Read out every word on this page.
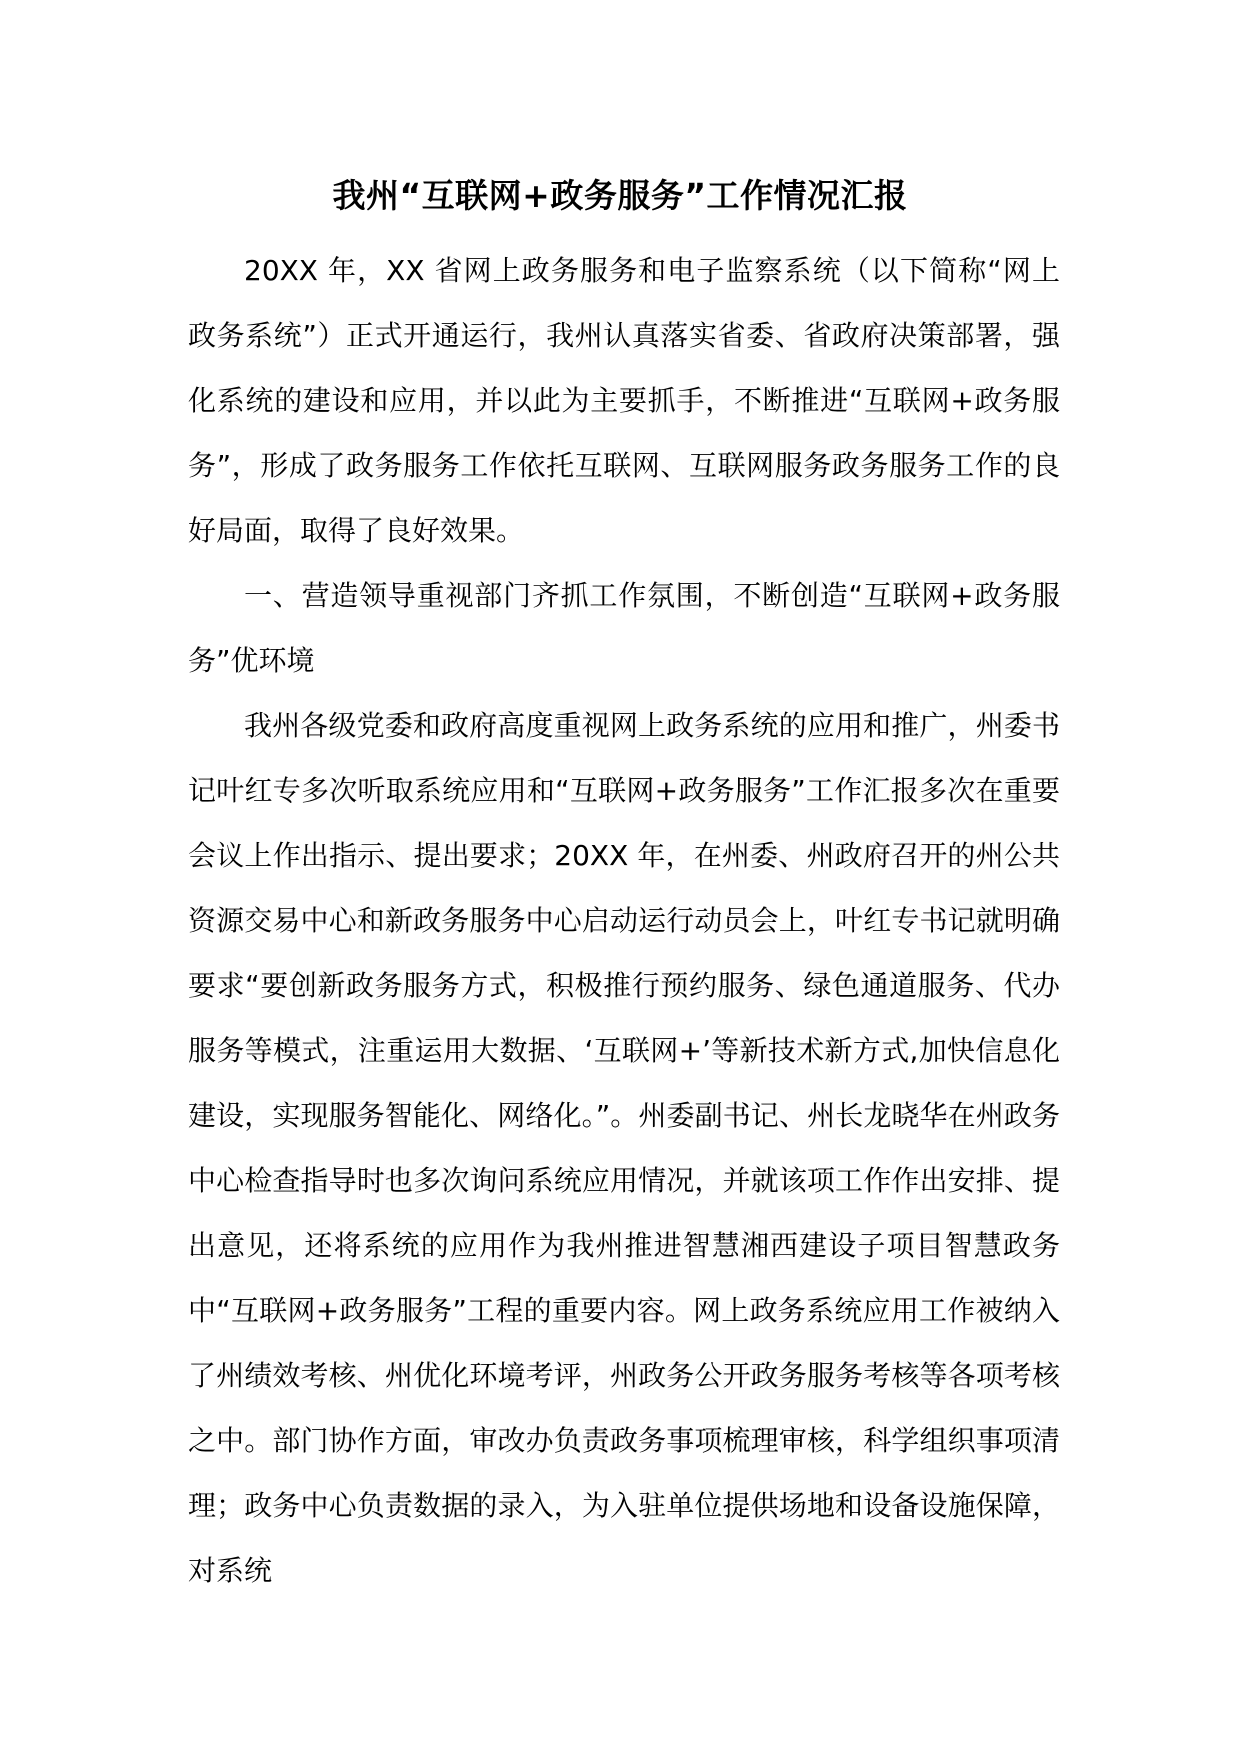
我州“互联网+政务服务”工作情况汇报

20XX 年，XX 省网上政务服务和电子监察系统（以下简称“网上政务系统”）正式开通运行，我州认真落实省委、省政府决策部署，强化系统的建设和应用，并以此为主要抓手，不断推进“互联网+政务服务”，形成了政务服务工作依托互联网、互联网服务政务服务工作的良好局面，取得了良好效果。

一、营造领导重视部门齐抓工作氛围，不断创造“互联网+政务服务”优环境

我州各级党委和政府高度重视网上政务系统的应用和推广，州委书记叶红专多次听取系统应用和“互联网+政务服务”工作汇报多次在重要会议上作出指示、提出要求；20XX 年，在州委、州政府召开的州公共资源交易中心和新政务服务中心启动运行动员会上，叶红专书记就明确要求“要创新政务服务方式，积极推行预约服务、绿色通道服务、代办服务等模式，注重运用大数据、‘互联网+’等新技术新方式,加快信息化建设，实现服务智能化、网络化。”。州委副书记、州长龙晓华在州政务中心检查指导时也多次询问系统应用情况，并就该项工作作出安排、提出意见，还将系统的应用作为我州推进智慧湘西建设子项目智慧政务中“互联网+政务服务”工程的重要内容。网上政务系统应用工作被纳入了州绩效考核、州优化环境考评，州政务公开政务服务考核等各项考核之中。部门协作方面，审改办负责政务事项梳理审核，科学组织事项清理；政务中心负责数据的录入，为入驻单位提供场地和设备设施保障，对系统
